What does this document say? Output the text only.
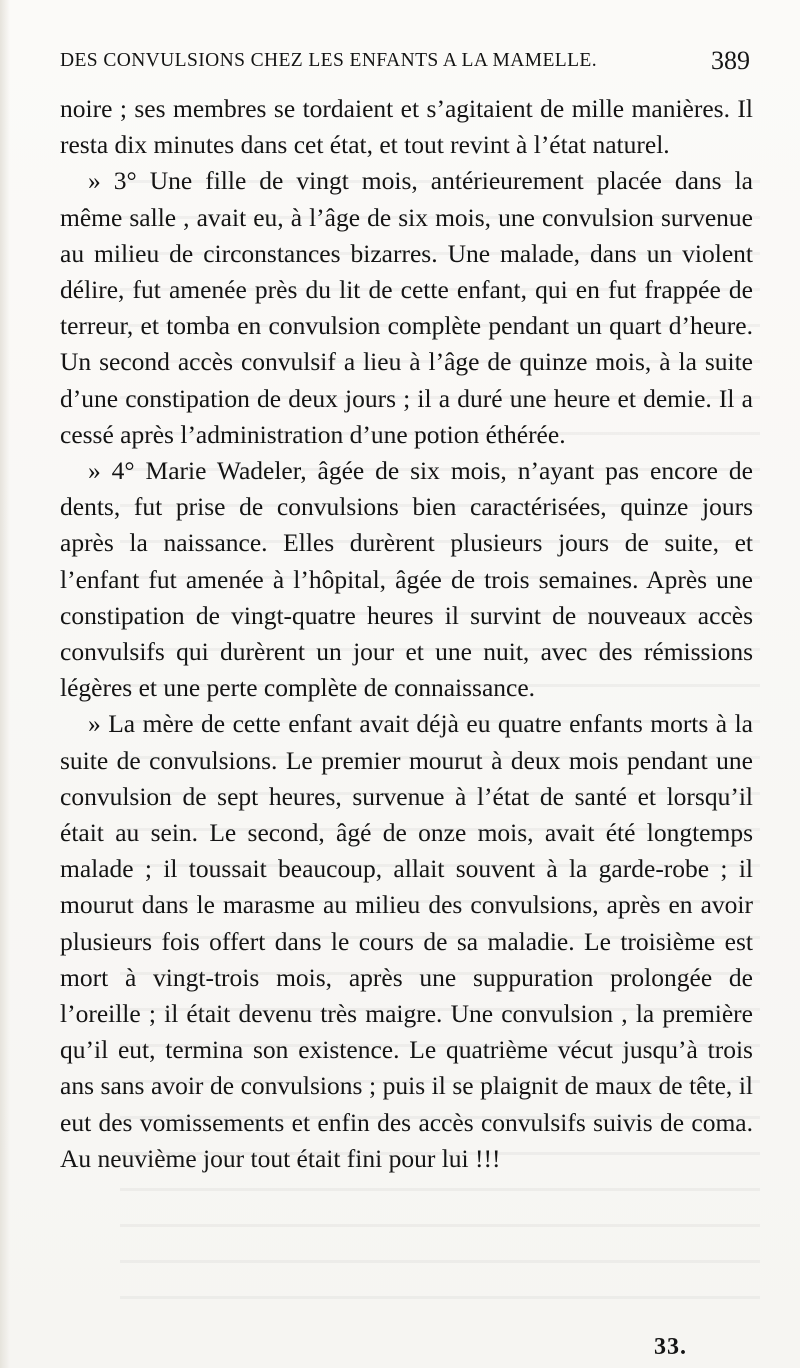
DES CONVULSIONS CHEZ LES ENFANTS A LA MAMELLE.	389

noire ; ses membres se tordaient et s’agitaient de mille manières. Il resta dix minutes dans cet état, et tout revint à l’état naturel.

» 3° Une fille de vingt mois, antérieurement placée dans la même salle , avait eu, à l’âge de six mois, une convulsion survenue au milieu de circonstances bizarres. Une malade, dans un violent délire, fut amenée près du lit de cette enfant, qui en fut frappée de terreur, et tomba en convulsion complète pendant un quart d’heure. Un second accès convulsif a lieu à l’âge de quinze mois, à la suite d’une constipation de deux jours ; il a duré une heure et demie. Il a cessé après l’administration d’une potion éthérée.

» 4° Marie Wadeler, âgée de six mois, n’ayant pas encore de dents, fut prise de convulsions bien caractérisées, quinze jours après la naissance. Elles durèrent plusieurs jours de suite, et l’enfant fut amenée à l’hôpital, âgée de trois semaines. Après une constipation de vingt-quatre heures il survint de nouveaux accès convulsifs qui durèrent un jour et une nuit, avec des rémissions légères et une perte complète de connaissance.

» La mère de cette enfant avait déjà eu quatre enfants morts à la suite de convulsions. Le premier mourut à deux mois pendant une convulsion de sept heures, survenue à l’état de santé et lorsqu’il était au sein. Le second, âgé de onze mois, avait été longtemps malade ; il toussait beaucoup, allait souvent à la garde-robe ; il mourut dans le marasme au milieu des convulsions, après en avoir plusieurs fois offert dans le cours de sa maladie. Le troisième est mort à vingt-trois mois, après une suppuration prolongée de l’oreille ; il était devenu très maigre. Une convulsion , la première qu’il eut, termina son existence. Le quatrième vécut jusqu’à trois ans sans avoir de convulsions ; puis il se plaignit de maux de tête, il eut des vomissements et enfin des accès convulsifs suivis de coma. Au neuvième jour tout était fini pour lui !!!

33.
